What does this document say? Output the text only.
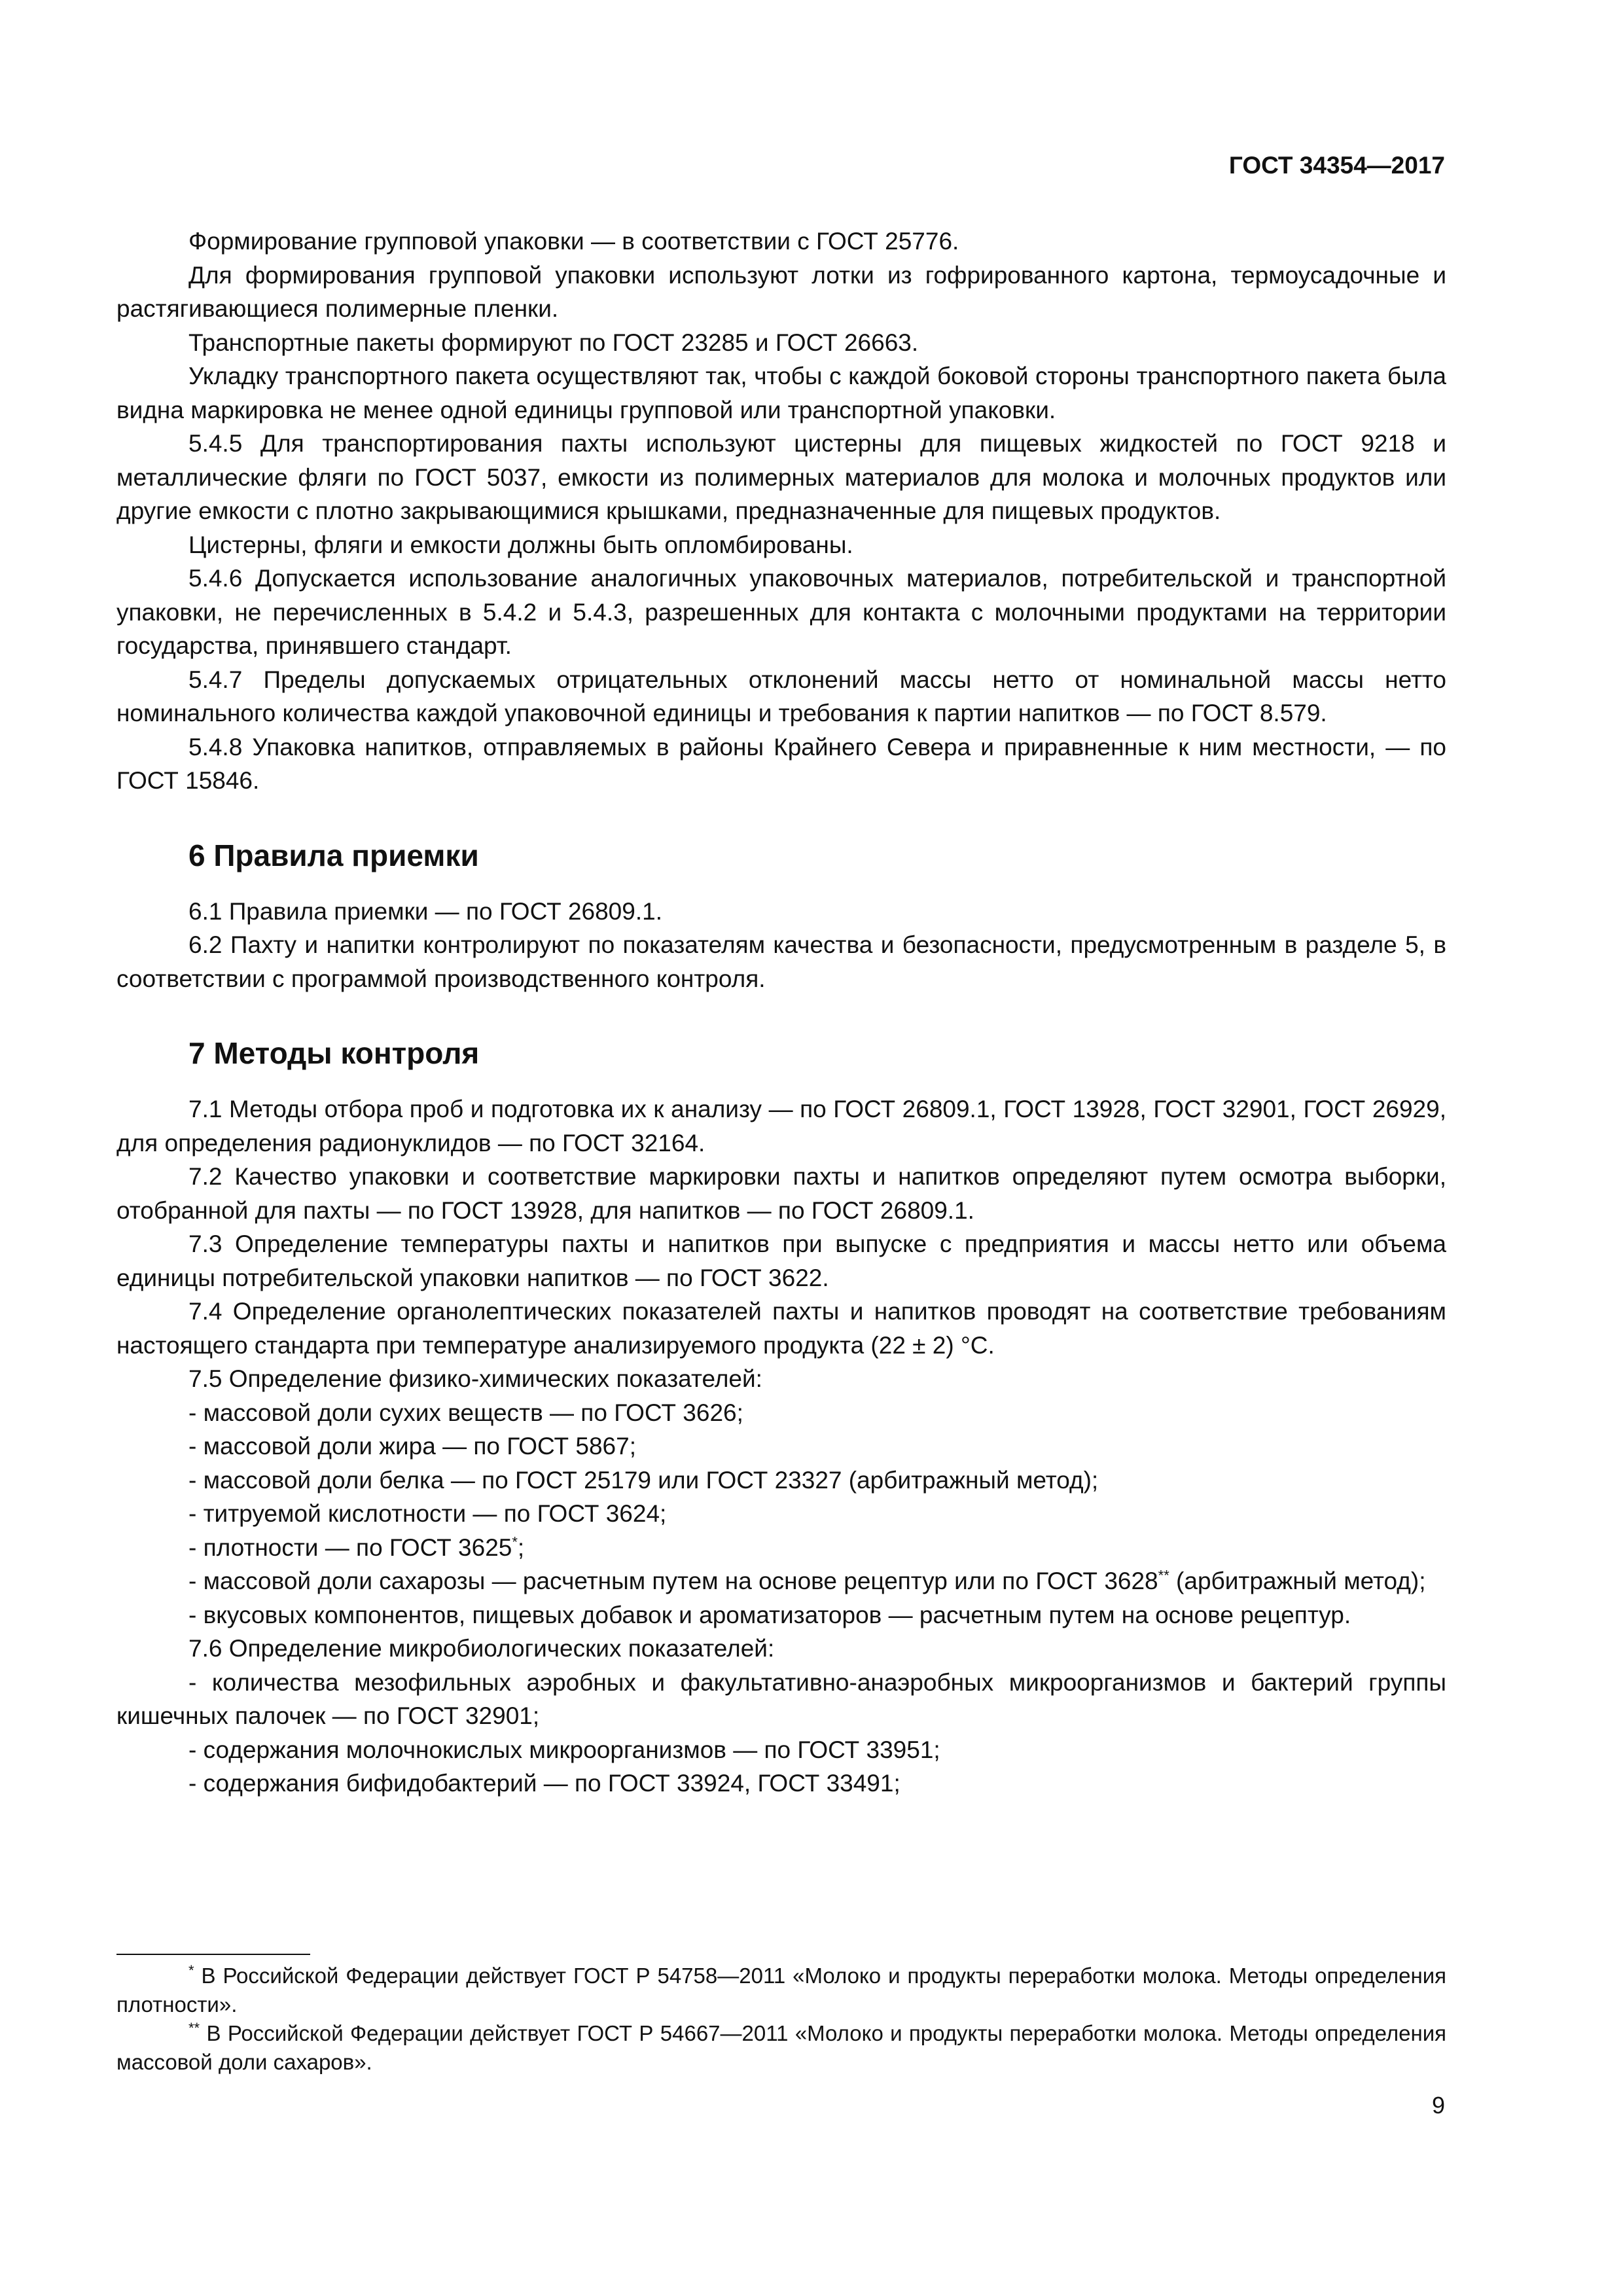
ГОСТ 34354—2017

Формирование групповой упаковки — в соответствии с ГОСТ 25776.

Для формирования групповой упаковки используют лотки из гофрированного картона, термоусадочные и растягивающиеся полимерные пленки.

Транспортные пакеты формируют по ГОСТ 23285 и ГОСТ 26663.

Укладку транспортного пакета осуществляют так, чтобы с каждой боковой стороны транспортного пакета была видна маркировка не менее одной единицы групповой или транспортной упаковки.

5.4.5 Для транспортирования пахты используют цистерны для пищевых жидкостей по ГОСТ 9218 и металлические фляги по ГОСТ 5037, емкости из полимерных материалов для молока и молочных продуктов или другие емкости с плотно закрывающимися крышками, предназначенные для пищевых продуктов.

Цистерны, фляги и емкости должны быть опломбированы.

5.4.6 Допускается использование аналогичных упаковочных материалов, потребительской и транспортной упаковки, не перечисленных в 5.4.2 и 5.4.3, разрешенных для контакта с молочными продуктами на территории государства, принявшего стандарт.

5.4.7 Пределы допускаемых отрицательных отклонений массы нетто от номинальной массы нетто номинального количества каждой упаковочной единицы и требования к партии напитков — по ГОСТ 8.579.

5.4.8 Упаковка напитков, отправляемых в районы Крайнего Севера и приравненные к ним местности, — по ГОСТ 15846.

6 Правила приемки

6.1 Правила приемки — по ГОСТ 26809.1.

6.2 Пахту и напитки контролируют по показателям качества и безопасности, предусмотренным в разделе 5, в соответствии с программой производственного контроля.

7 Методы контроля

7.1 Методы отбора проб и подготовка их к анализу — по ГОСТ 26809.1, ГОСТ 13928, ГОСТ 32901, ГОСТ 26929, для определения радионуклидов — по ГОСТ 32164.

7.2 Качество упаковки и соответствие маркировки пахты и напитков определяют путем осмотра выборки, отобранной для пахты — по ГОСТ 13928, для напитков — по ГОСТ 26809.1.

7.3 Определение температуры пахты и напитков при выпуске с предприятия и массы нетто или объема единицы потребительской упаковки напитков — по ГОСТ 3622.

7.4 Определение органолептических показателей пахты и напитков проводят на соответствие требованиям настоящего стандарта при температуре анализируемого продукта (22 ± 2) °С.

7.5 Определение физико-химических показателей:

- массовой доли сухих веществ — по ГОСТ 3626;

- массовой доли жира — по ГОСТ 5867;

- массовой доли белка — по ГОСТ 25179 или ГОСТ 23327 (арбитражный метод);

- титруемой кислотности — по ГОСТ 3624;

- плотности — по ГОСТ 3625*;

- массовой доли сахарозы — расчетным путем на основе рецептур или по ГОСТ 3628** (арбитражный метод);

- вкусовых компонентов, пищевых добавок и ароматизаторов — расчетным путем на основе рецептур.

7.6 Определение микробиологических показателей:

- количества мезофильных аэробных и факультативно-анаэробных микроорганизмов и бактерий группы кишечных палочек — по ГОСТ 32901;

- содержания молочнокислых микроорганизмов — по ГОСТ 33951;

- содержания бифидобактерий — по ГОСТ 33924, ГОСТ 33491;

* В Российской Федерации действует ГОСТ Р 54758—2011 «Молоко и продукты переработки молока. Методы определения плотности».

** В Российской Федерации действует ГОСТ Р 54667—2011 «Молоко и продукты переработки молока. Методы определения массовой доли сахаров».

9
